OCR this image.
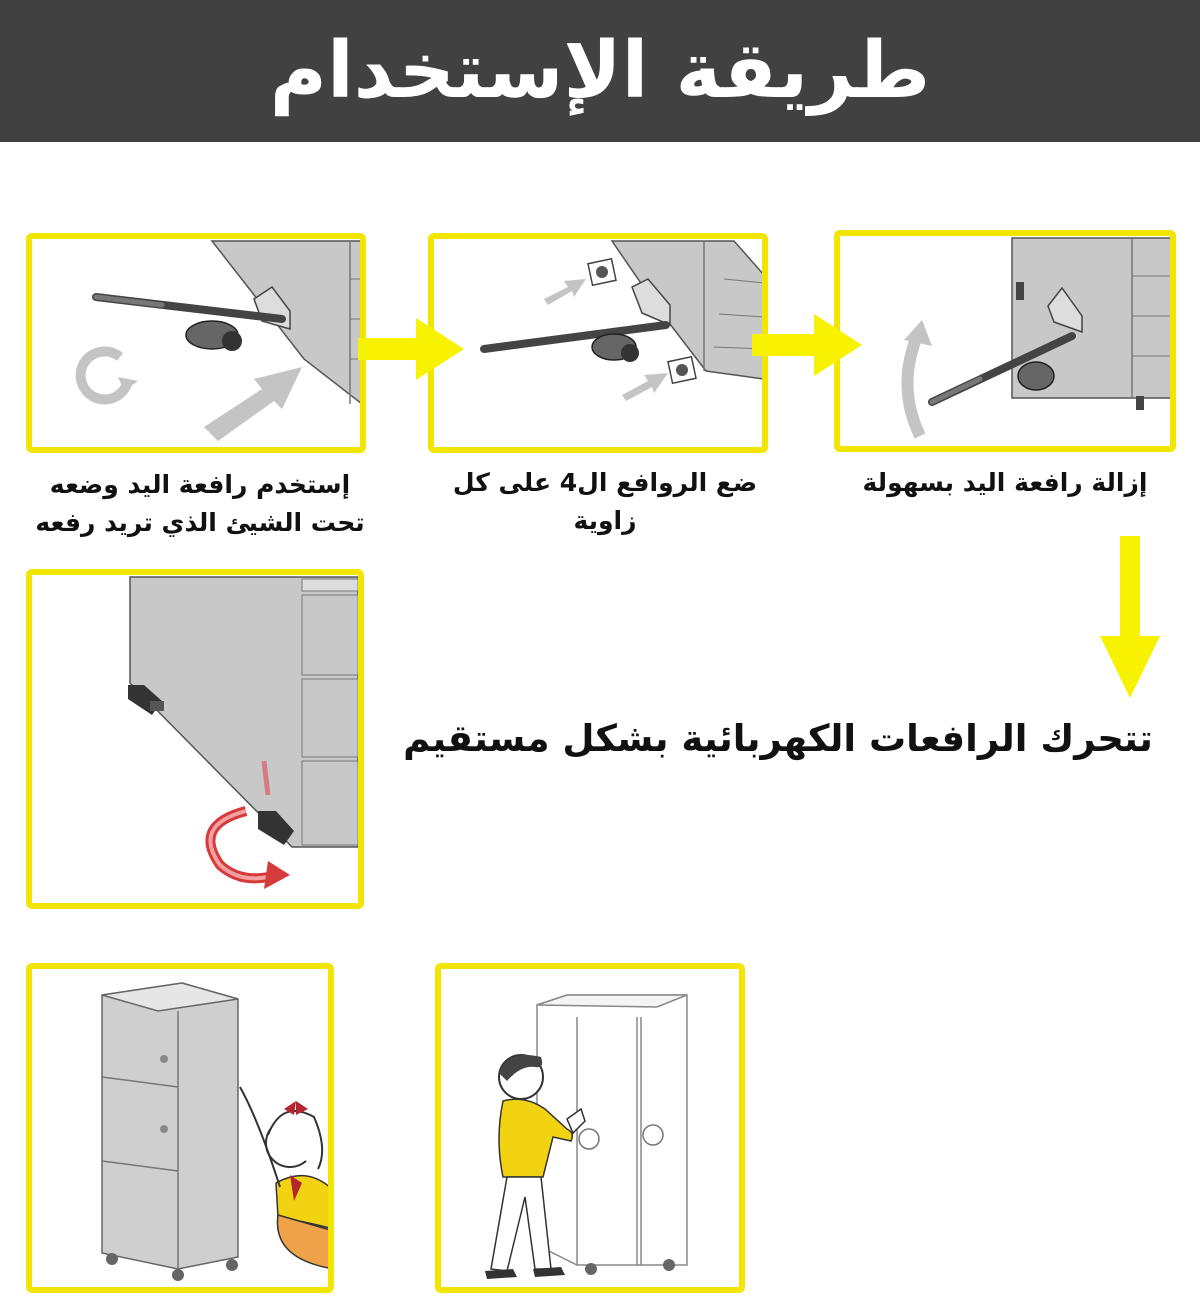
طريقة الإستخدام
إستخدم رافعة اليد وضعه
تحت الشيئ الذي تريد رفعه
ضع الروافع ال4 على كل
زاوية
إزالة رافعة اليد بسهولة
تتحرك الرافعات الكهربائية بشكل مستقيم
